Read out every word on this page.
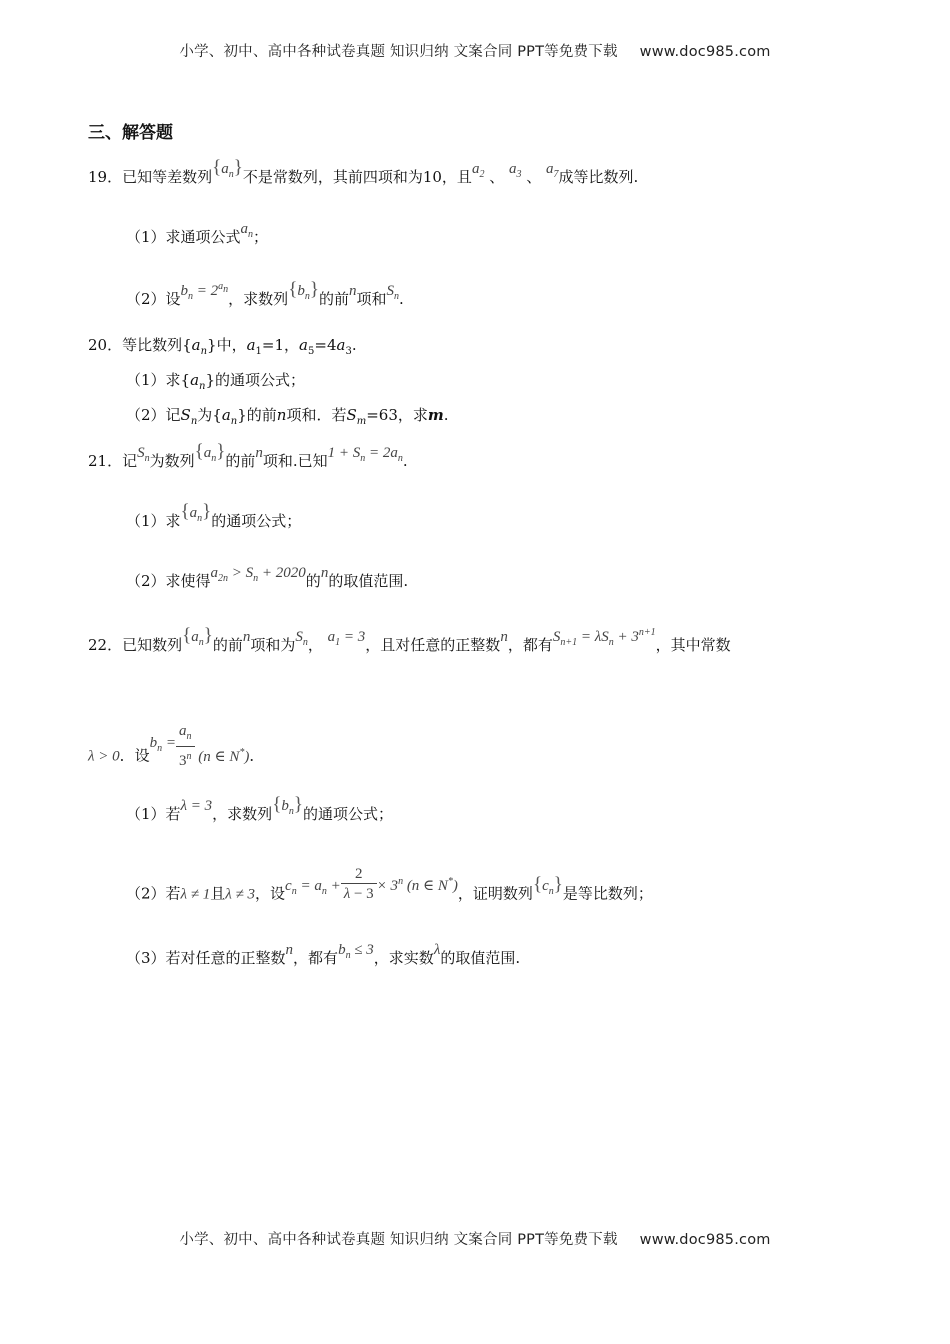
小学、初中、高中各种试卷真题 知识归纳 文案合同 PPT等免费下载 www.doc985.com
三、解答题
19．已知等差数列$\{a_n\}$不是常数列，其前四项和为10，且$a_2$ 、 $a_3$ 、 $a_7$成等比数列.
（1）求通项公式$a_n$；
（2）设$b_n = 2^{a_n}$，求数列$\{b_n\}$的前n项和$S_n$.
20．等比数列$\{a_n\}$中，$a_1=1$，$a_5=4a_3$.
（1）求$\{a_n\}$的通项公式；
（2）记$S_n$为$\{a_n\}$的前n项和．若$S_m=63$，求m.
21．记$S_n$为数列$\{a_n\}$的前n项和.已知$1 + S_n = 2a_n$.
（1）求$\{a_n\}$的通项公式；
（2）求使得$a_{2n} > S_n + 2020$的n的取值范围.
22．已知数列$\{a_n\}$的前n项和为$S_n$， $a_1 = 3$，且对任意的正整数n，都有$S_{n+1} = \lambda S_n + 3^{n+1}$，其中常数
λ > 0．设$b_n = \frac{a_n}{3^n} (n$ ∈ N*)．
（1）若λ = 3，求数列$\{b_n\}$的通项公式；
（2）若λ ≠ 1且λ ≠ 3，设$c_n = a_n + \frac{2}{\lambda - 3} \times 3^n$ (n ∈ N*)，证明数列$\{c_n\}$是等比数列；
（3）若对任意的正整数n，都有$b_n \le 3$，求实数λ的取值范围.
小学、初中、高中各种试卷真题 知识归纳 文案合同 PPT等免费下载 www.doc985.com
